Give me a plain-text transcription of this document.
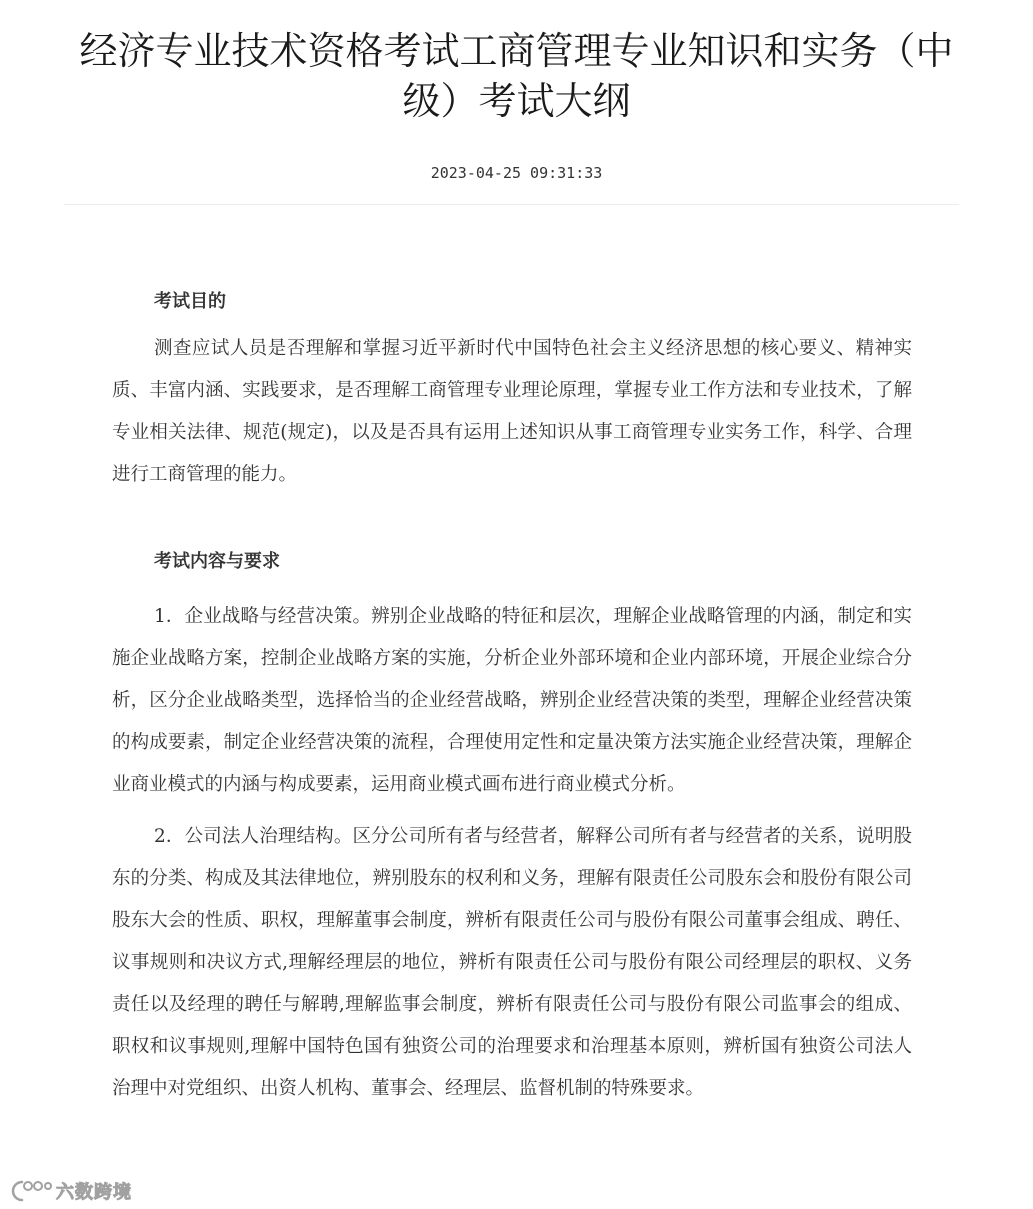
经济专业技术资格考试工商管理专业知识和实务（中级）考试大纲
2023-04-25 09:31:33

考试目的

测查应试人员是否理解和掌握习近平新时代中国特色社会主义经济思想的核心要义、精神实质、丰富内涵、实践要求，是否理解工商管理专业理论原理，掌握专业工作方法和专业技术，了解专业相关法律、规范(规定)，以及是否具有运用上述知识从事工商管理专业实务工作，科学、合理进行工商管理的能力。

考试内容与要求

1．企业战略与经营决策。辨别企业战略的特征和层次，理解企业战略管理的内涵，制定和实施企业战略方案，控制企业战略方案的实施，分析企业外部环境和企业内部环境，开展企业综合分析，区分企业战略类型，选择恰当的企业经营战略，辨别企业经营决策的类型，理解企业经营决策的构成要素，制定企业经营决策的流程，合理使用定性和定量决策方法实施企业经营决策，理解企业商业模式的内涵与构成要素，运用商业模式画布进行商业模式分析。

2．公司法人治理结构。区分公司所有者与经营者，解释公司所有者与经营者的关系，说明股东的分类、构成及其法律地位，辨别股东的权利和义务，理解有限责任公司股东会和股份有限公司股东大会的性质、职权，理解董事会制度，辨析有限责任公司与股份有限公司董事会组成、聘任、议事规则和决议方式,理解经理层的地位，辨析有限责任公司与股份有限公司经理层的职权、义务责任以及经理的聘任与解聘,理解监事会制度，辨析有限责任公司与股份有限公司监事会的组成、职权和议事规则,理解中国特色国有独资公司的治理要求和治理基本原则，辨析国有独资公司法人治理中对党组织、出资人机构、董事会、经理层、监督机制的特殊要求。

六数跨境
